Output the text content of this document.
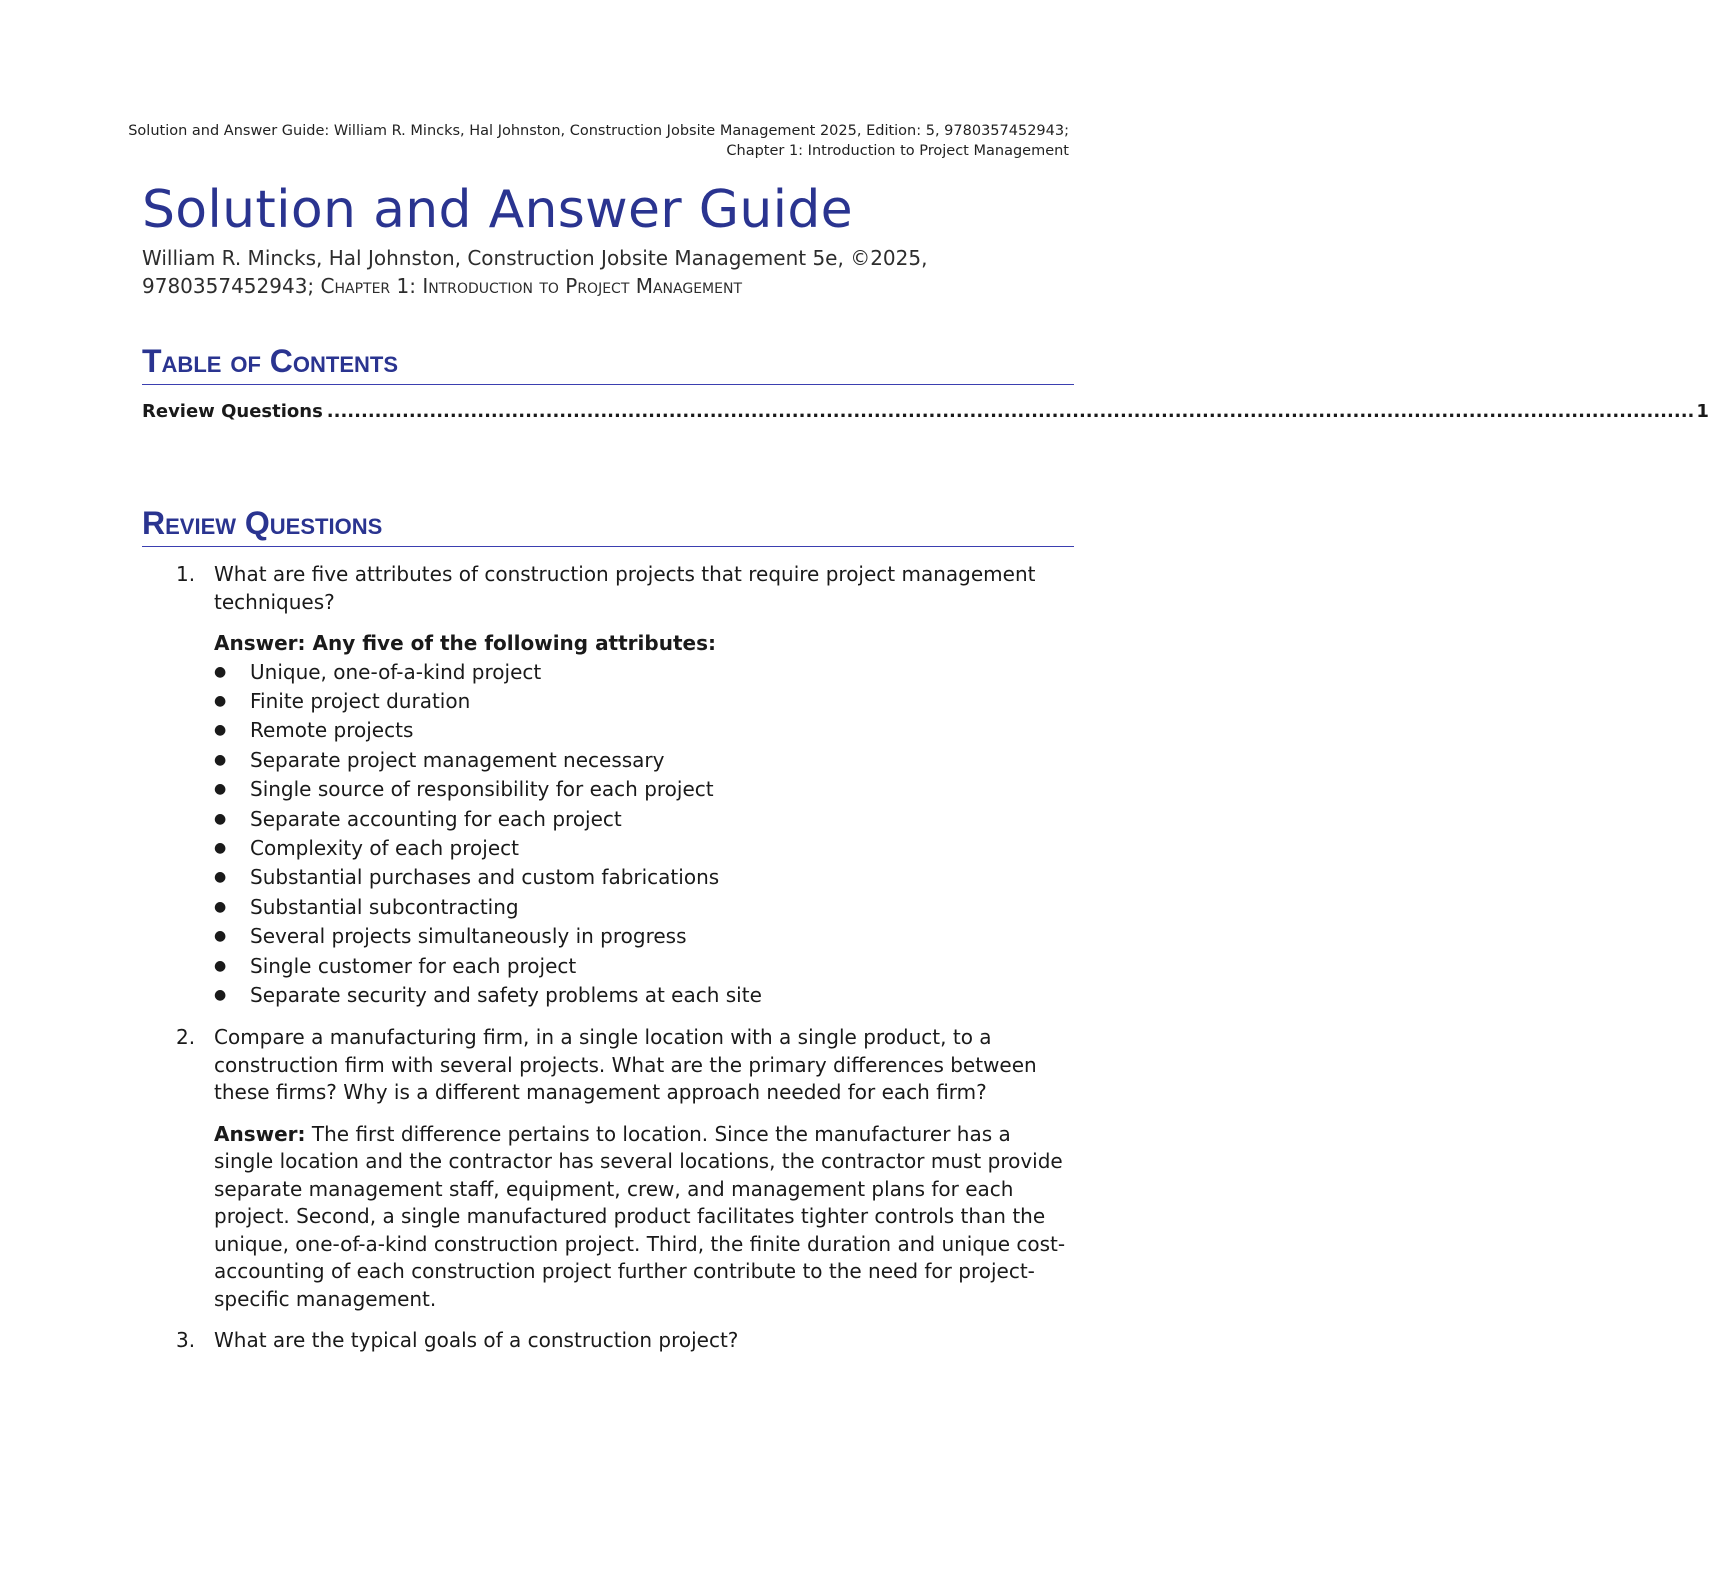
Solution and Answer Guide: William R. Mincks, Hal Johnston, Construction Jobsite Management 2025, Edition: 5, 9780357452943;
Chapter 1: Introduction to Project Management
Solution and Answer Guide

William R. Mincks, Hal Johnston, Construction Jobsite Management 5e, ©2025,
9780357452943; Chapter 1: Introduction to Project Management

Table of Contents
Review Questions ........................................................................................................................................................................................................ 1
Review Questions
1. What are five attributes of construction projects that require project management techniques?

Answer: Any five of the following attributes:

● Unique, one-of-a-kind project
● Finite project duration
● Remote projects
● Separate project management necessary
● Single source of responsibility for each project
● Separate accounting for each project
● Complexity of each project
● Substantial purchases and custom fabrications
● Substantial subcontracting
● Several projects simultaneously in progress
● Single customer for each project
● Separate security and safety problems at each site
2. Compare a manufacturing firm, in a single location with a single product, to a construction firm with several projects. What are the primary differences between these firms? Why is a different management approach needed for each firm?

Answer: The first difference pertains to location. Since the manufacturer has a single location and the contractor has several locations, the contractor must provide separate management staff, equipment, crew, and management plans for each project. Second, a single manufactured product facilitates tighter controls than the unique, one-of-a-kind construction project. Third, the finite duration and unique cost-accounting of each construction project further contribute to the need for project-specific management.

3. What are the typical goals of a construction project?
